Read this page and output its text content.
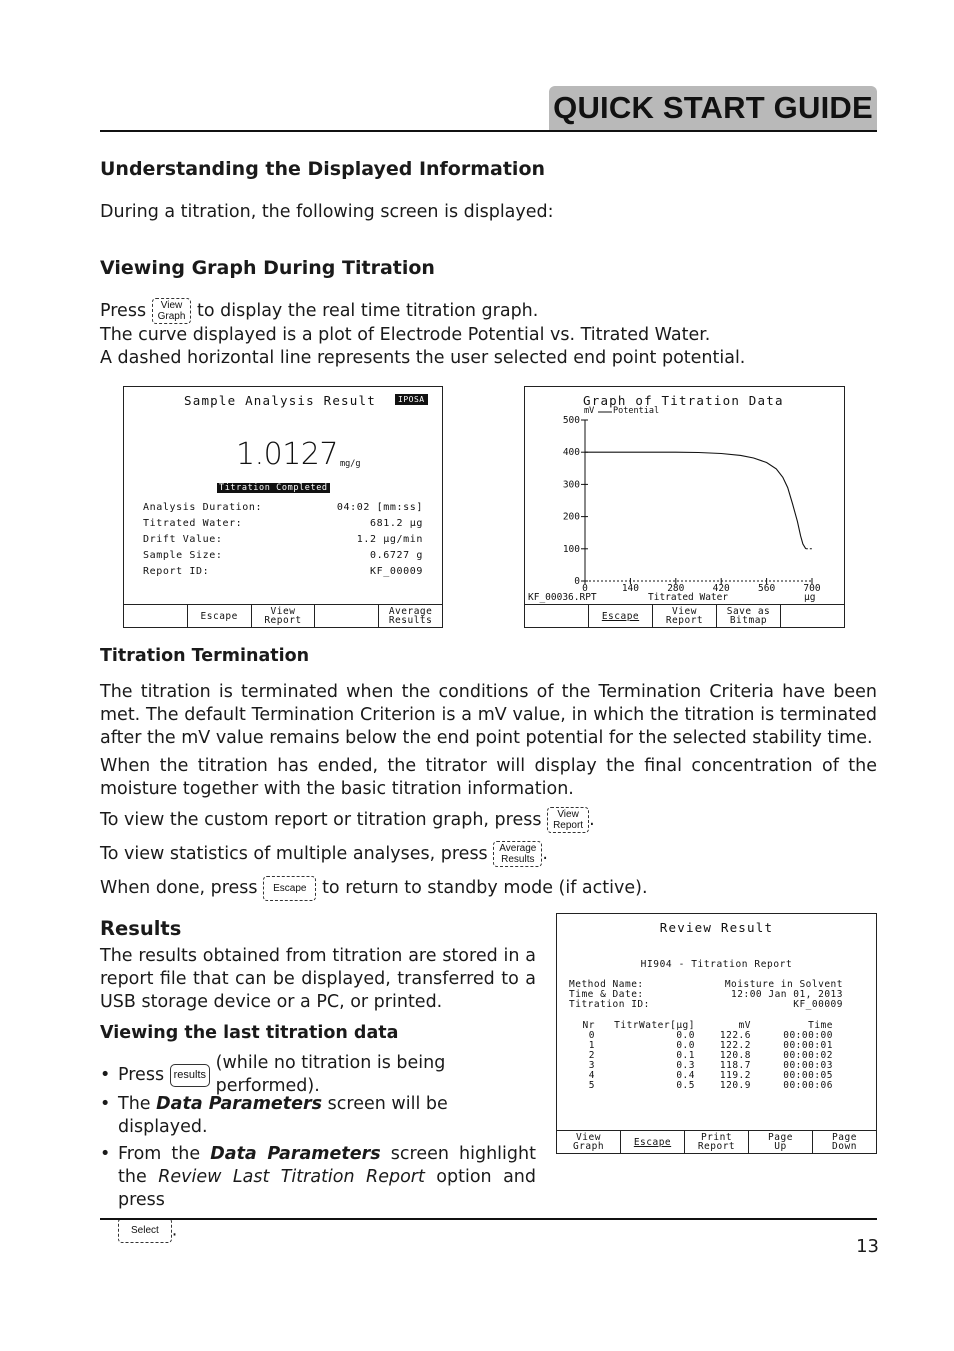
QUICK START GUIDE
Understanding the Displayed Information
During a titration, the following screen is displayed:
Viewing Graph During Titration
Press
	View
Graph
to display the real time titration graph.
The curve displayed is a plot of Electrode Potential vs. Titrated Water.
A dashed horizontal line represents the user selected end point potential.
Sample Analysis Result	IPOSA
1.0127 mg/g
Titration Completed
Analysis Duration:	04:02 [mm:ss]
Titrated Water:	681.2 µg
Drift Value:	1.2 µg/min
Sample Size:	0.6727 g
Report ID:	KF_00009
Escape	View
Report
Average
Results
Graph of Titration Data
0
100
200
300
400
500
0	140	280	420	560	700
mV Potential
KF_00036.RPT	Titrated Water	µg
Escape	View
Report
Save as
Bitmap
Titration Termination
The titration is terminated when the conditions of the Termination Criteria have been met. The default Termination Criterion is a mV value, in which the titration is terminated after the mV value remains below the end point potential for the selected stability time.
When the titration has ended, the titrator will display the final concentration of the moisture together with the basic titration information.
To view the custom report or titration graph, press
	View
Report .
To view statistics of multiple analyses, press
	Average
Results .
When done, press
	Escape
to return to standby mode (if active).
Results
The results obtained from titration are stored in a report file that can be displayed, transferred to a USB storage device or a PC, or printed.
Viewing the last titration data
• Press
results

(while no titration is being performed).
• The Data Parameters screen will be displayed.
• From the Data Parameters screen highlight the Review Last Titration Report option and press
Select .
Review Result
HI904 - Titration Report
Method Name:	Moisture in Solvent
Time & Date:	12:00 Jan 01, 2013
Titration ID:	KF_00009
Nr	TitrWater[µg]	mV	Time
0	0.0	122.6	00:00:00
1	0.0	122.2	00:00:01
2	0.1	120.8	00:00:02
3	0.3	118.7	00:00:03
4	0.4	119.2	00:00:05
5	0.5	120.9	00:00:06
View
Graph	Escape	Print
Report
Page
Up
Page
Down
13
